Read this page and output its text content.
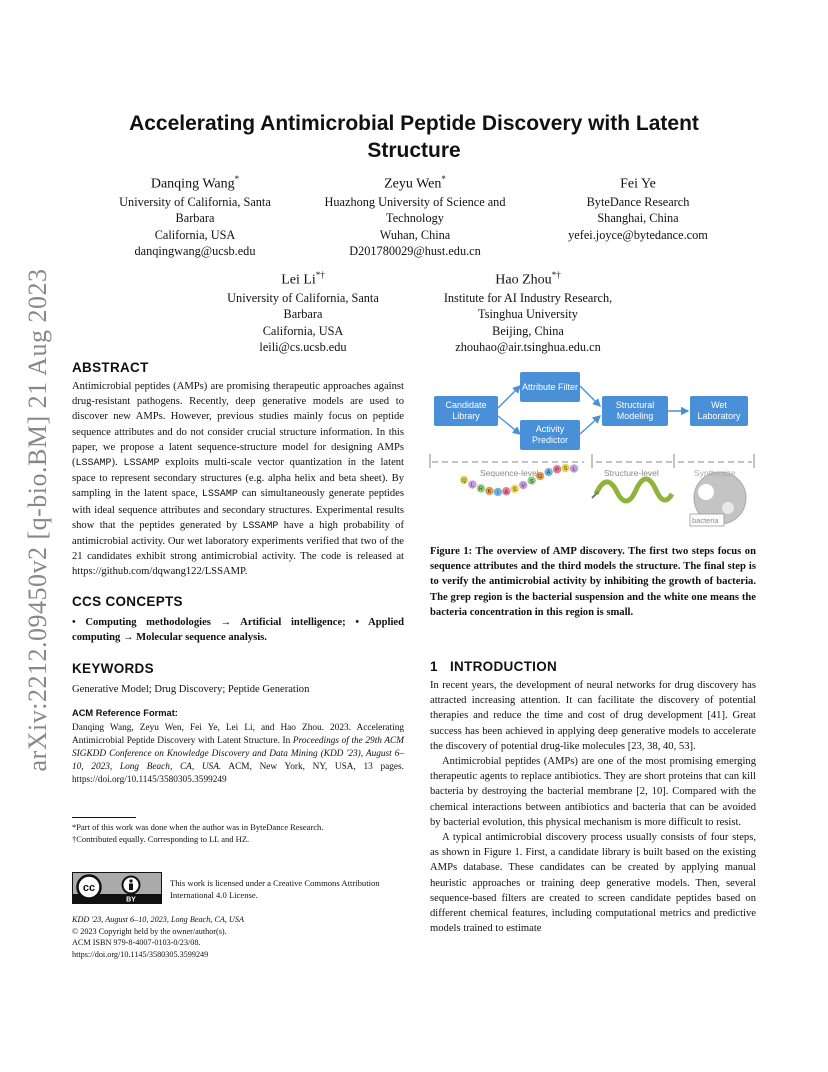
arXiv:2212.09450v2 [q-bio.BM] 21 Aug 2023
Accelerating Antimicrobial Peptide Discovery with Latent Structure
Danqing Wang*
University of California, Santa
Barbara
California, USA
danqingwang@ucsb.edu
Zeyu Wen*
Huazhong University of Science and
Technology
Wuhan, China
D201780029@hust.edu.cn
Fei Ye
ByteDance Research
Shanghai, China
yefei.joyce@bytedance.com
Lei Li*†
University of California, Santa
Barbara
California, USA
leili@cs.ucsb.edu
Hao Zhou*†
Institute for AI Industry Research,
Tsinghua University
Beijing, China
zhouhao@air.tsinghua.edu.cn
ABSTRACT

Antimicrobial peptides (AMPs) are promising therapeutic approaches against drug-resistant pathogens. Recently, deep generative models are used to discover new AMPs. However, previous studies mainly focus on peptide sequence attributes and do not consider crucial structure information. In this paper, we propose a latent sequence-structure model for designing AMPs (LSSAMP). LSSAMP exploits multi-scale vector quantization in the latent space to represent secondary structures (e.g. alpha helix and beta sheet). By sampling in the latent space, LSSAMP can simultaneously generate peptides with ideal sequence attributes and secondary structures. Experimental results show that the peptides generated by LSSAMP have a high probability of antimicrobial activity. Our wet laboratory experiments verified that two of the 21 candidates exhibit strong antimicrobial activity. The code is released at https://github.com/dqwang122/LSSAMP.

CCS CONCEPTS

• Computing methodologies → Artificial intelligence; • Applied computing → Molecular sequence analysis.

KEYWORDS

Generative Model; Drug Discovery; Peptide Generation

ACM Reference Format:

Danqing Wang, Zeyu Wen, Fei Ye, Lei Li, and Hao Zhou. 2023. Accelerating Antimicrobial Peptide Discovery with Latent Structure. In Proceedings of the 29th ACM SIGKDD Conference on Knowledge Discovery and Data Mining (KDD '23), August 6–10, 2023, Long Beach, CA, USA. ACM, New York, NY, USA, 13 pages. https://doi.org/10.1145/3580305.3599249

*Part of this work was done when the author was in ByteDance Research.
†Contributed equally. Corresponding to LL and HZ.
cc
BY
This work is licensed under a Creative Commons Attribution International 4.0 License.
KDD '23, August 6–10, 2023, Long Beach, CA, USA
© 2023 Copyright held by the owner/author(s).
ACM ISBN 979-8-4007-0103-0/23/08.
https://doi.org/10.1145/3580305.3599249
Q
L
R K I A S
V
S
G
A P S L
Candidate Library
Attribute Filter
Activity Predictor
Structural Modeling
Wet Laboratory
Sequence-level	Structure-level	Synthesize
bacteria
Figure 1: The overview of AMP discovery. The first two steps focus on sequence attributes and the third models the structure. The final step is to verify the antimicrobial activity by inhibiting the growth of bacteria. The grep region is the bacterial suspension and the white one means the bacteria concentration in this region is small.
1 INTRODUCTION

In recent years, the development of neural networks for drug discovery has attracted increasing attention. It can facilitate the discovery of potential therapies and reduce the time and cost of drug development [41]. Great success has been achieved in applying deep generative models to accelerate the discovery of potential drug-like molecules [23, 38, 40, 53].

Antimicrobial peptides (AMPs) are one of the most promising emerging therapeutic agents to replace antibiotics. They are short proteins that can kill bacteria by destroying the bacterial membrane [2, 10]. Compared with the chemical interactions between antibiotics and bacteria that can be avoided by bacterial evolution, this physical mechanism is more difficult to resist.

A typical antimicrobial discovery process usually consists of four steps, as shown in Figure 1. First, a candidate library is built based on the existing AMPs database. These candidates can be created by applying manual heuristic approaches or training deep generative models. Then, several sequence-based filters are created to screen candidate peptides based on different chemical features, including computational metrics and predictive models trained to estimate
